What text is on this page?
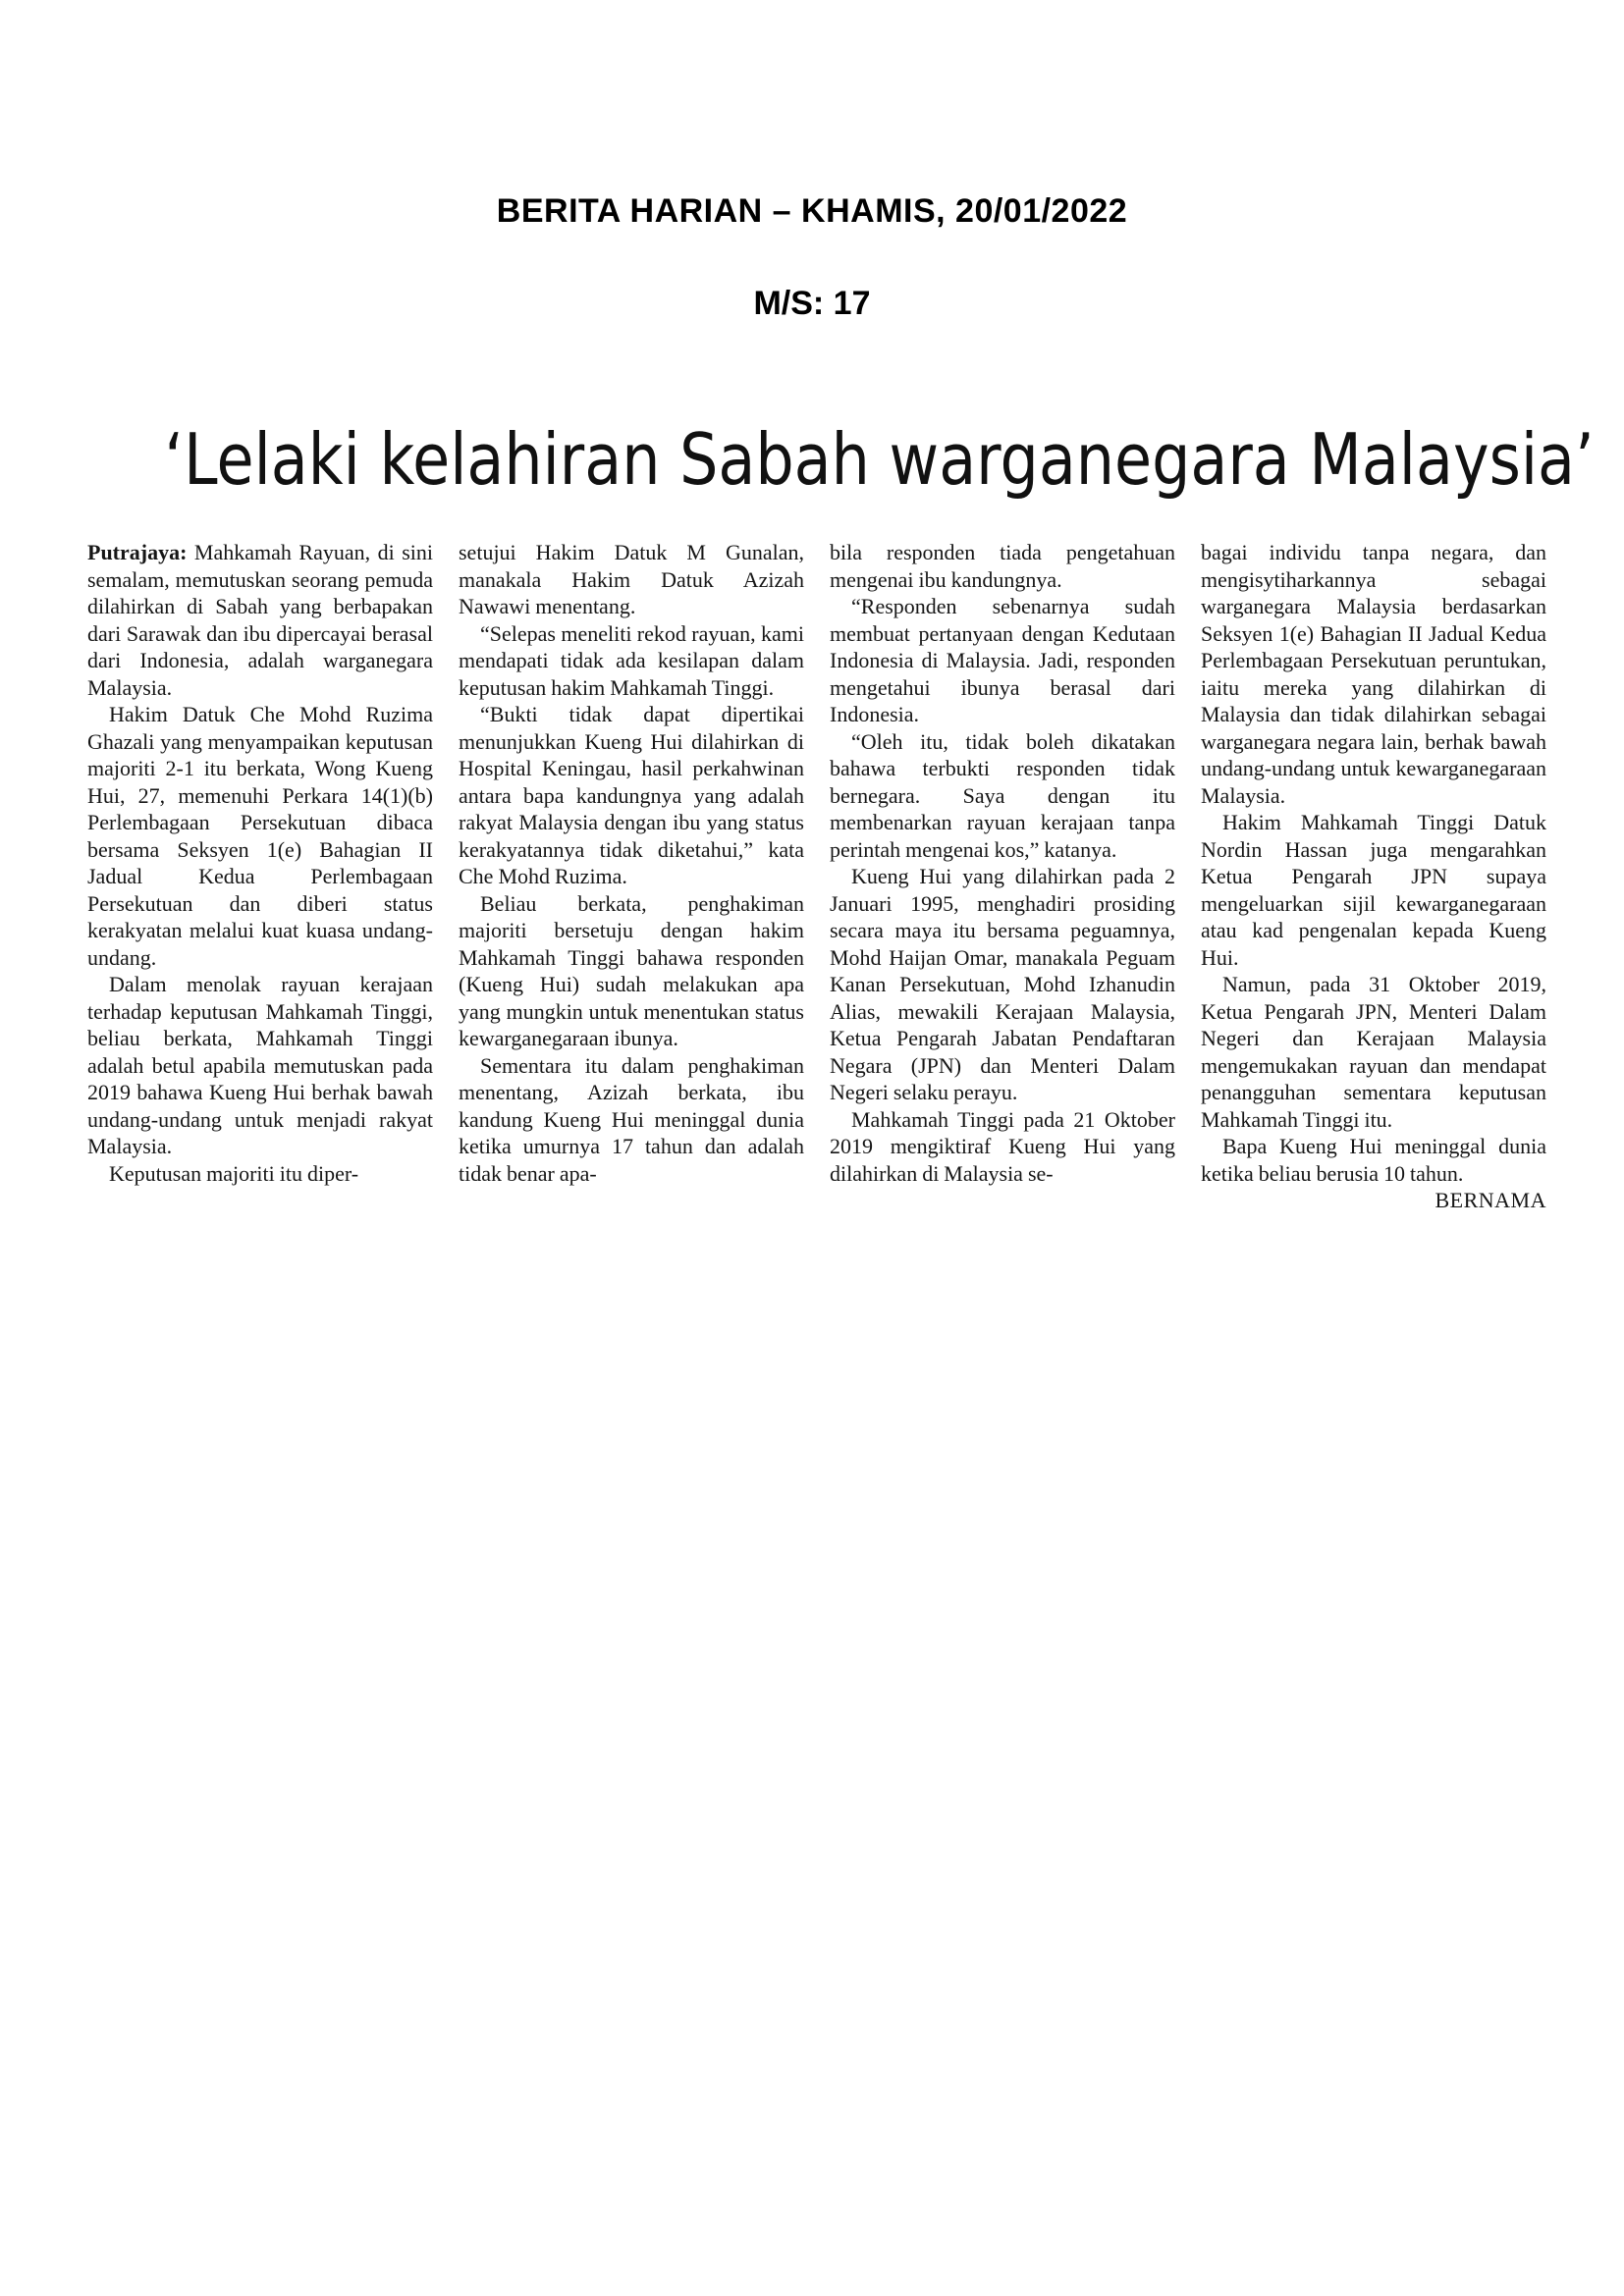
BERITA HARIAN – KHAMIS, 20/01/2022
M/S: 17
‘Lelaki kelahiran Sabah warganegara Malaysia’

Putrajaya: Mahkamah Rayuan, di sini semalam, memutuskan seorang pemuda dilahirkan di Sabah yang berbapakan dari Sarawak dan ibu dipercayai berasal dari Indonesia, adalah warganegara Malaysia.

Hakim Datuk Che Mohd Ruzima Ghazali yang menyampaikan keputusan majoriti 2-1 itu berkata, Wong Kueng Hui, 27, memenuhi Perkara 14(1)(b) Perlembagaan Persekutuan dibaca bersama Seksyen 1(e) Bahagian II Jadual Kedua Perlembagaan Persekutuan dan diberi status kerakyatan melalui kuat kuasa undang-undang.

Dalam menolak rayuan kerajaan terhadap keputusan Mahkamah Tinggi, beliau berkata, Mahkamah Tinggi adalah betul apabila memutuskan pada 2019 bahawa Kueng Hui berhak bawah undang-undang untuk menjadi rakyat Malaysia.

Keputusan majoriti itu diper-

setujui Hakim Datuk M Gunalan, manakala Hakim Datuk Azizah Nawawi menentang.

“Selepas meneliti rekod rayuan, kami mendapati tidak ada kesilapan dalam keputusan hakim Mahkamah Tinggi.

“Bukti tidak dapat dipertikai menunjukkan Kueng Hui dilahirkan di Hospital Keningau, hasil perkahwinan antara bapa kandungnya yang adalah rakyat Malaysia dengan ibu yang status kerakyatannya tidak diketahui,” kata Che Mohd Ruzima.

Beliau berkata, penghakiman majoriti bersetuju dengan hakim Mahkamah Tinggi bahawa responden (Kueng Hui) sudah melakukan apa yang mungkin untuk menentukan status kewarganegaraan ibunya.

Sementara itu dalam penghakiman menentang, Azizah berkata, ibu kandung Kueng Hui meninggal dunia ketika umurnya 17 tahun dan adalah tidak benar apa-

bila responden tiada pengetahuan mengenai ibu kandungnya.

“Responden sebenarnya sudah membuat pertanyaan dengan Kedutaan Indonesia di Malaysia. Jadi, responden mengetahui ibunya berasal dari Indonesia.

“Oleh itu, tidak boleh dikatakan bahawa terbukti responden tidak bernegara. Saya dengan itu membenarkan rayuan kerajaan tanpa perintah mengenai kos,” katanya.

Kueng Hui yang dilahirkan pada 2 Januari 1995, menghadiri prosiding secara maya itu bersama peguamnya, Mohd Haijan Omar, manakala Peguam Kanan Persekutuan, Mohd Izhanudin Alias, mewakili Kerajaan Malaysia, Ketua Pengarah Jabatan Pendaftaran Negara (JPN) dan Menteri Dalam Negeri selaku perayu.

Mahkamah Tinggi pada 21 Oktober 2019 mengiktiraf Kueng Hui yang dilahirkan di Malaysia se-

bagai individu tanpa negara, dan mengisytiharkannya sebagai warganegara Malaysia berdasarkan Seksyen 1(e) Bahagian II Jadual Kedua Perlembagaan Persekutuan peruntukan, iaitu mereka yang dilahirkan di Malaysia dan tidak dilahirkan sebagai warganegara negara lain, berhak bawah undang-undang untuk kewarganegaraan Malaysia.

Hakim Mahkamah Tinggi Datuk Nordin Hassan juga mengarahkan Ketua Pengarah JPN supaya mengeluarkan sijil kewarganegaraan atau kad pengenalan kepada Kueng Hui.

Namun, pada 31 Oktober 2019, Ketua Pengarah JPN, Menteri Dalam Negeri dan Kerajaan Malaysia mengemukakan rayuan dan mendapat penangguhan sementara keputusan Mahkamah Tinggi itu.

Bapa Kueng Hui meninggal dunia ketika beliau berusia 10 tahun.

BERNAMA
